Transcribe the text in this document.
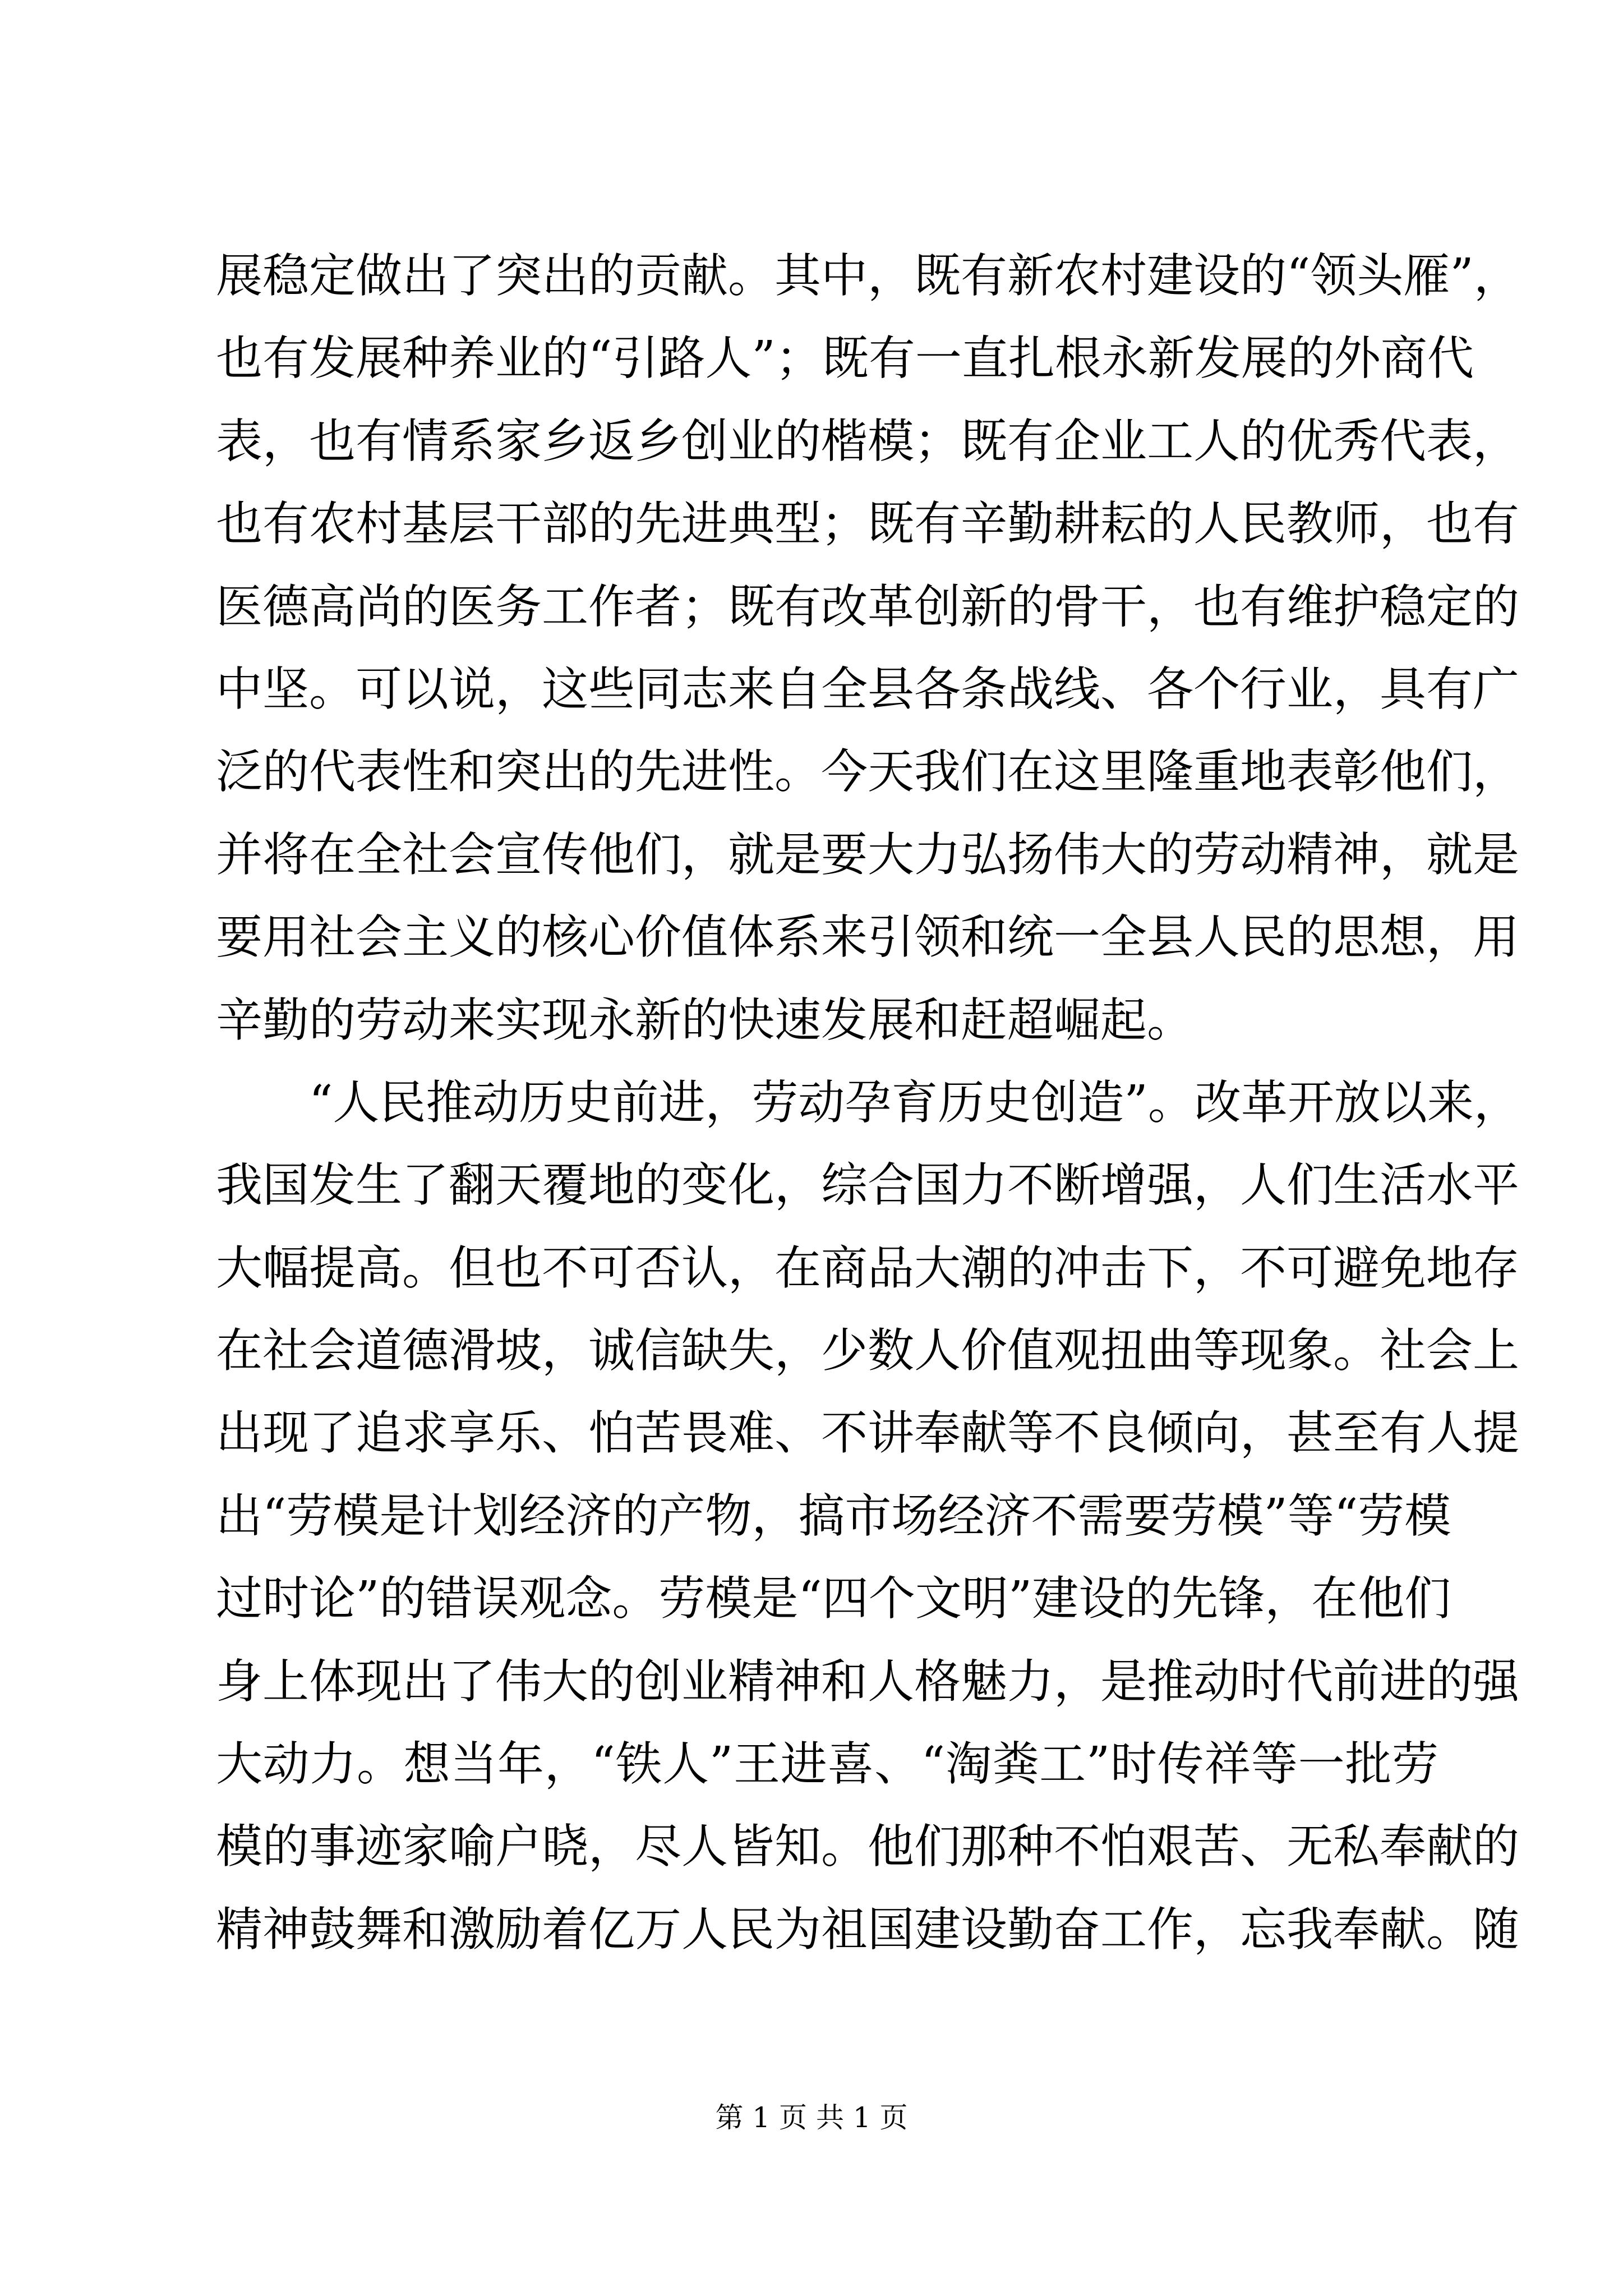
展稳定做出了突出的贡献。其中，既有新农村建设的“领头雁”，
也有发展种养业的“引路人”；既有一直扎根永新发展的外商代
表，也有情系家乡返乡创业的楷模；既有企业工人的优秀代表，
也有农村基层干部的先进典型；既有辛勤耕耘的人民教师，也有
医德高尚的医务工作者；既有改革创新的骨干，也有维护稳定的
中坚。可以说，这些同志来自全县各条战线、各个行业，具有广
泛的代表性和突出的先进性。今天我们在这里隆重地表彰他们，
并将在全社会宣传他们，就是要大力弘扬伟大的劳动精神，就是
要用社会主义的核心价值体系来引领和统一全县人民的思想，用
辛勤的劳动来实现永新的快速发展和赶超崛起。
“人民推动历史前进，劳动孕育历史创造”。改革开放以来，
我国发生了翻天覆地的变化，综合国力不断增强，人们生活水平
大幅提高。但也不可否认，在商品大潮的冲击下，不可避免地存
在社会道德滑坡，诚信缺失，少数人价值观扭曲等现象。社会上
出现了追求享乐、怕苦畏难、不讲奉献等不良倾向，甚至有人提
出“劳模是计划经济的产物，搞市场经济不需要劳模”等“劳模
过时论”的错误观念。劳模是“四个文明”建设的先锋，在他们
身上体现出了伟大的创业精神和人格魅力，是推动时代前进的强
大动力。想当年，“铁人”王进喜、“淘粪工”时传祥等一批劳
模的事迹家喻户晓，尽人皆知。他们那种不怕艰苦、无私奉献的
精神鼓舞和激励着亿万人民为祖国建设勤奋工作，忘我奉献。随
第 1 页 共 1 页
